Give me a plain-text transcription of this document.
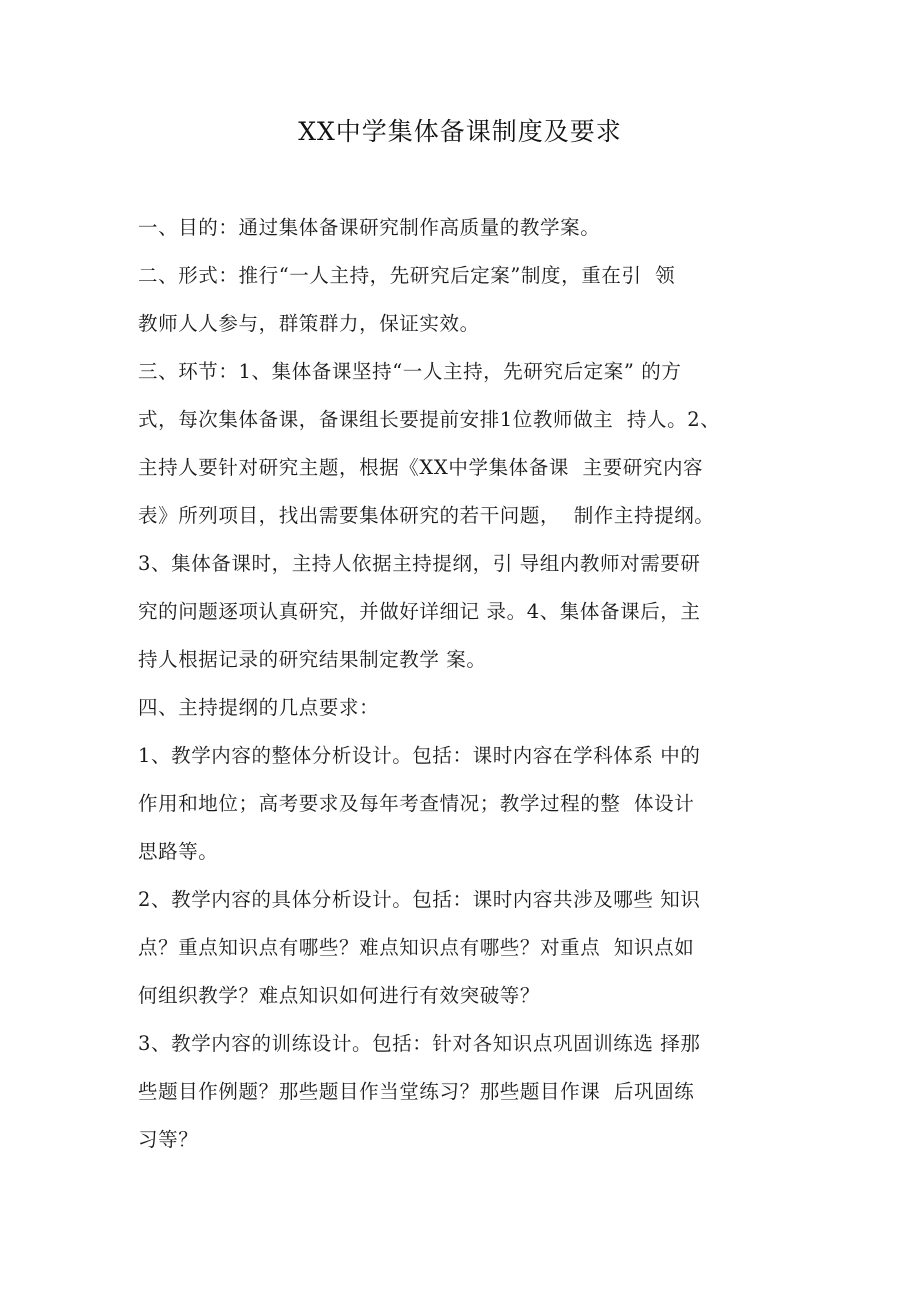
XX中学集体备课制度及要求
一、目的：通过集体备课研究制作高质量的教学案。
二、形式：推行“一人主持，先研究后定案”制度，重在引  领
教师人人参与，群策群力，保证实效。
三、环节：1、集体备课坚持“一人主持，先研究后定案” 的方
式，每次集体备课，备课组长要提前安排1位教师做主  持人。2、
主持人要针对研究主题，根据《XX中学集体备课  主要研究内容
表》所列项目，找出需要集体研究的若干问题，  制作主持提纲。
3、集体备课时，主持人依据主持提纲，引 导组内教师对需要研
究的问题逐项认真研究，并做好详细记 录。4、集体备课后，主
持人根据记录的研究结果制定教学 案。
四、主持提纲的几点要求：
1、教学内容的整体分析设计。包括：课时内容在学科体系 中的
作用和地位；高考要求及每年考查情况；教学过程的整  体设计
思路等。
2、教学内容的具体分析设计。包括：课时内容共涉及哪些 知识
点？重点知识点有哪些？难点知识点有哪些？对重点  知识点如
何组织教学？难点知识如何进行有效突破等？
3、教学内容的训练设计。包括：针对各知识点巩固训练选 择那
些题目作例题？那些题目作当堂练习？那些题目作课  后巩固练
习等？
